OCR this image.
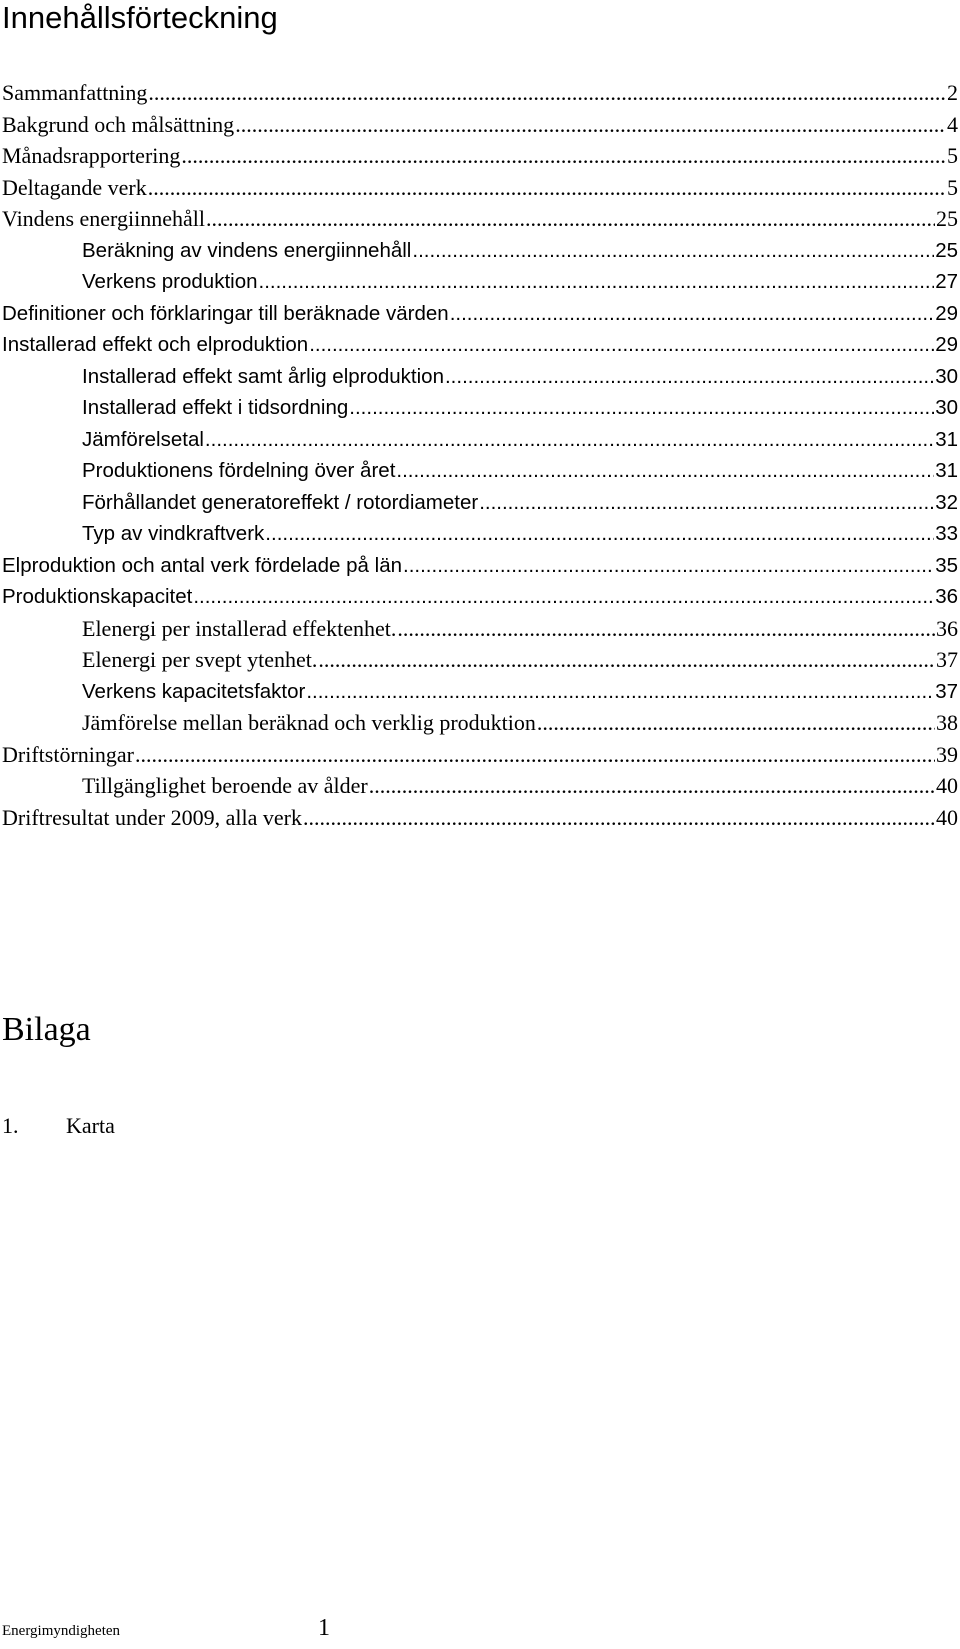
Innehållsförteckning
Sammanfattning .....	2
Bakgrund och målsättning .....	4
Månadsrapportering .....	5
Deltagande verk .....	5
Vindens energiinnehåll .....	25
Beräkning av vindens energiinnehåll .....	25
Verkens produktion .....	27
Definitioner och förklaringar till beräknade värden .....	29
Installerad effekt och elproduktion .....	29
Installerad effekt samt årlig elproduktion .....	30
Installerad effekt i tidsordning .....	30
Jämförelsetal .....	31
Produktionens fördelning över året .....	31
Förhållandet generatoreffekt / rotordiameter .....	32
Typ av vindkraftverk .....	33
Elproduktion och antal verk fördelade på län .....	35
Produktionskapacitet .....	36
Elenergi per installerad effektenhet. .....	36
Elenergi per svept ytenhet. .....	37
Verkens kapacitetsfaktor .....	37
Jämförelse mellan beräknad och verklig produktion .....	38
Driftstörningar .....	39
Tillgänglighet beroende av ålder .....	40
Driftresultat under 2009, alla verk .....	40
Bilaga
1. Karta
Energimyndigheten	1
